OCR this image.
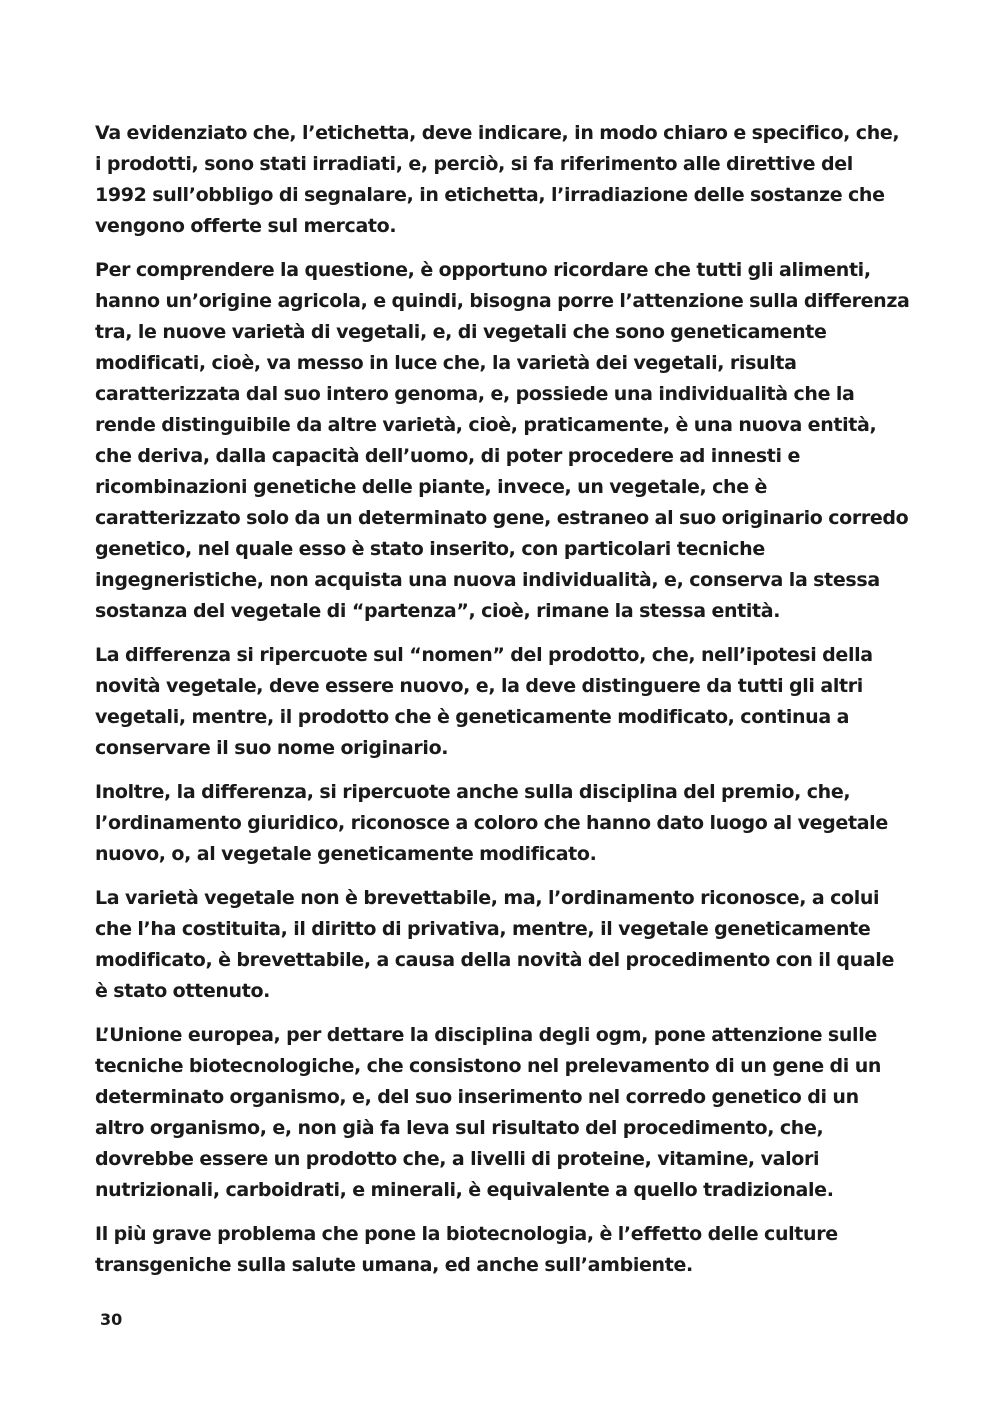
Va evidenziato che, l’etichetta, deve indicare, in modo chiaro e specifico, che, i prodotti, sono stati irradiati, e, perciò, si fa riferimento alle direttive del 1992 sull’obbligo di segnalare, in etichetta, l’irradiazione delle sostanze che vengono offerte sul mercato.

Per comprendere la questione, è opportuno ricordare che tutti gli alimenti, hanno un’origine agricola, e quindi, bisogna porre l’attenzione sulla differenza tra, le nuove varietà di vegetali, e, di vegetali che sono geneticamente modificati, cioè, va messo in luce che, la varietà dei vegetali, risulta caratterizzata dal suo intero genoma, e, possiede una individualità che la rende distinguibile da altre varietà, cioè, praticamente, è una nuova entità, che deriva, dalla capacità dell’uomo, di poter procedere ad innesti e ricombinazioni genetiche delle piante, invece, un vegetale, che è caratterizzato solo da un determinato gene, estraneo al suo originario corredo genetico, nel quale esso è stato inserito, con particolari tecniche ingegneristiche, non acquista una nuova individualità, e, conserva la stessa sostanza del vegetale di “partenza”, cioè, rimane la stessa entità.

La differenza si ripercuote sul “nomen” del prodotto, che, nell’ipotesi della novità vegetale, deve essere nuovo, e, la deve distinguere da tutti gli altri vegetali, mentre, il prodotto che è geneticamente modificato, continua a conservare il suo nome originario.

Inoltre, la differenza, si ripercuote anche sulla disciplina del premio, che, l’ordinamento giuridico, riconosce a coloro che hanno dato luogo al vegetale nuovo, o, al vegetale geneticamente modificato.

La varietà vegetale non è brevettabile, ma, l’ordinamento riconosce, a colui che l’ha costituita, il diritto di privativa, mentre, il vegetale geneticamente modificato, è brevettabile, a causa della novità del procedimento con il quale è stato ottenuto.

L’Unione europea, per dettare la disciplina degli ogm, pone attenzione sulle tecniche biotecnologiche, che consistono nel prelevamento di un gene di un determinato organismo, e, del suo inserimento nel corredo genetico di un altro organismo, e, non già fa leva sul risultato del procedimento, che, dovrebbe essere un prodotto che, a livelli di proteine, vitamine, valori nutrizionali, carboidrati, e minerali, è equivalente a quello tradizionale.

Il più grave problema che pone la biotecnologia, è l’effetto delle culture transgeniche sulla salute umana, ed anche sull’ambiente.

30
